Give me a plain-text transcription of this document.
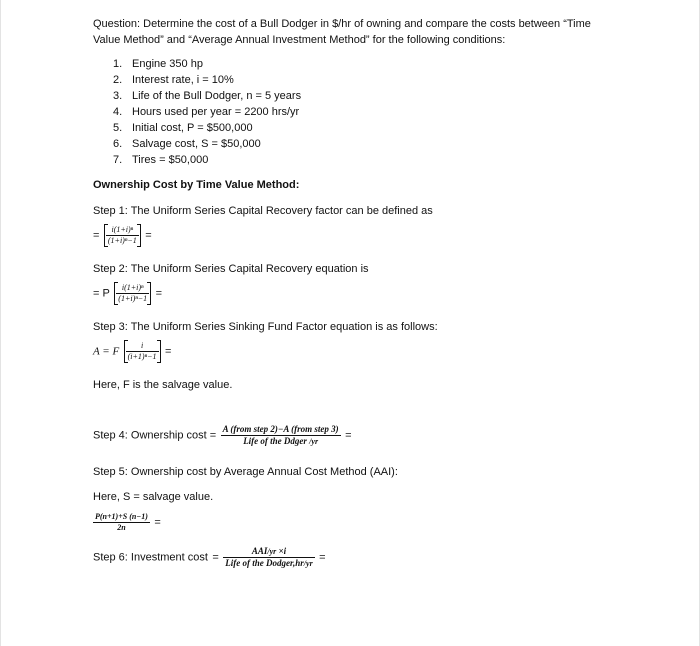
Question: Determine the cost of a Bull Dodger in $/hr of owning and compare the costs between “Time
Value Method” and “Average Annual Investment Method” for the following conditions:
1. Engine 350 hp
2. Interest rate, i = 10%
3. Life of the Bull Dodger, n = 5 years
4. Hours used per year = 2200 hrs/yr
5. Initial cost, P = $500,000
6. Salvage cost, S = $50,000
7. Tires = $50,000
Ownership Cost by Time Value Method:
Step 1: The Uniform Series Capital Recovery factor can be defined as
= $\frac{\text{i(1+i)ⁿ}}{\text{(1+i)ⁿ−1}}$ =
Step 2: The Uniform Series Capital Recovery equation is
= P $\frac{\text{i(1+i)ⁿ}}{\text{(1+i)ⁿ−1}}$ =
Step 3: The Uniform Series Sinking Fund Factor equation is as follows:
A = F $\frac{i}{\text{(i+1)ⁿ−1}}$ =
Here, F is the salvage value.
Step 4: Ownership $\cos t = \frac{\text{A (from step 2)−A (from step 3)}}{\text{Life of the Ddger /yr}}$ =
Step 5: Ownership cost by Average Annual Cost Method (AAI):
Here, S = salvage value.
$\frac{P(n+1)+S (n-1)}{2n}$ =
Step 6: Investment $\cos t = \frac{\text{AAI/yr ×i}}{\text{Life of the Dodger,hr/yr}}$ =
